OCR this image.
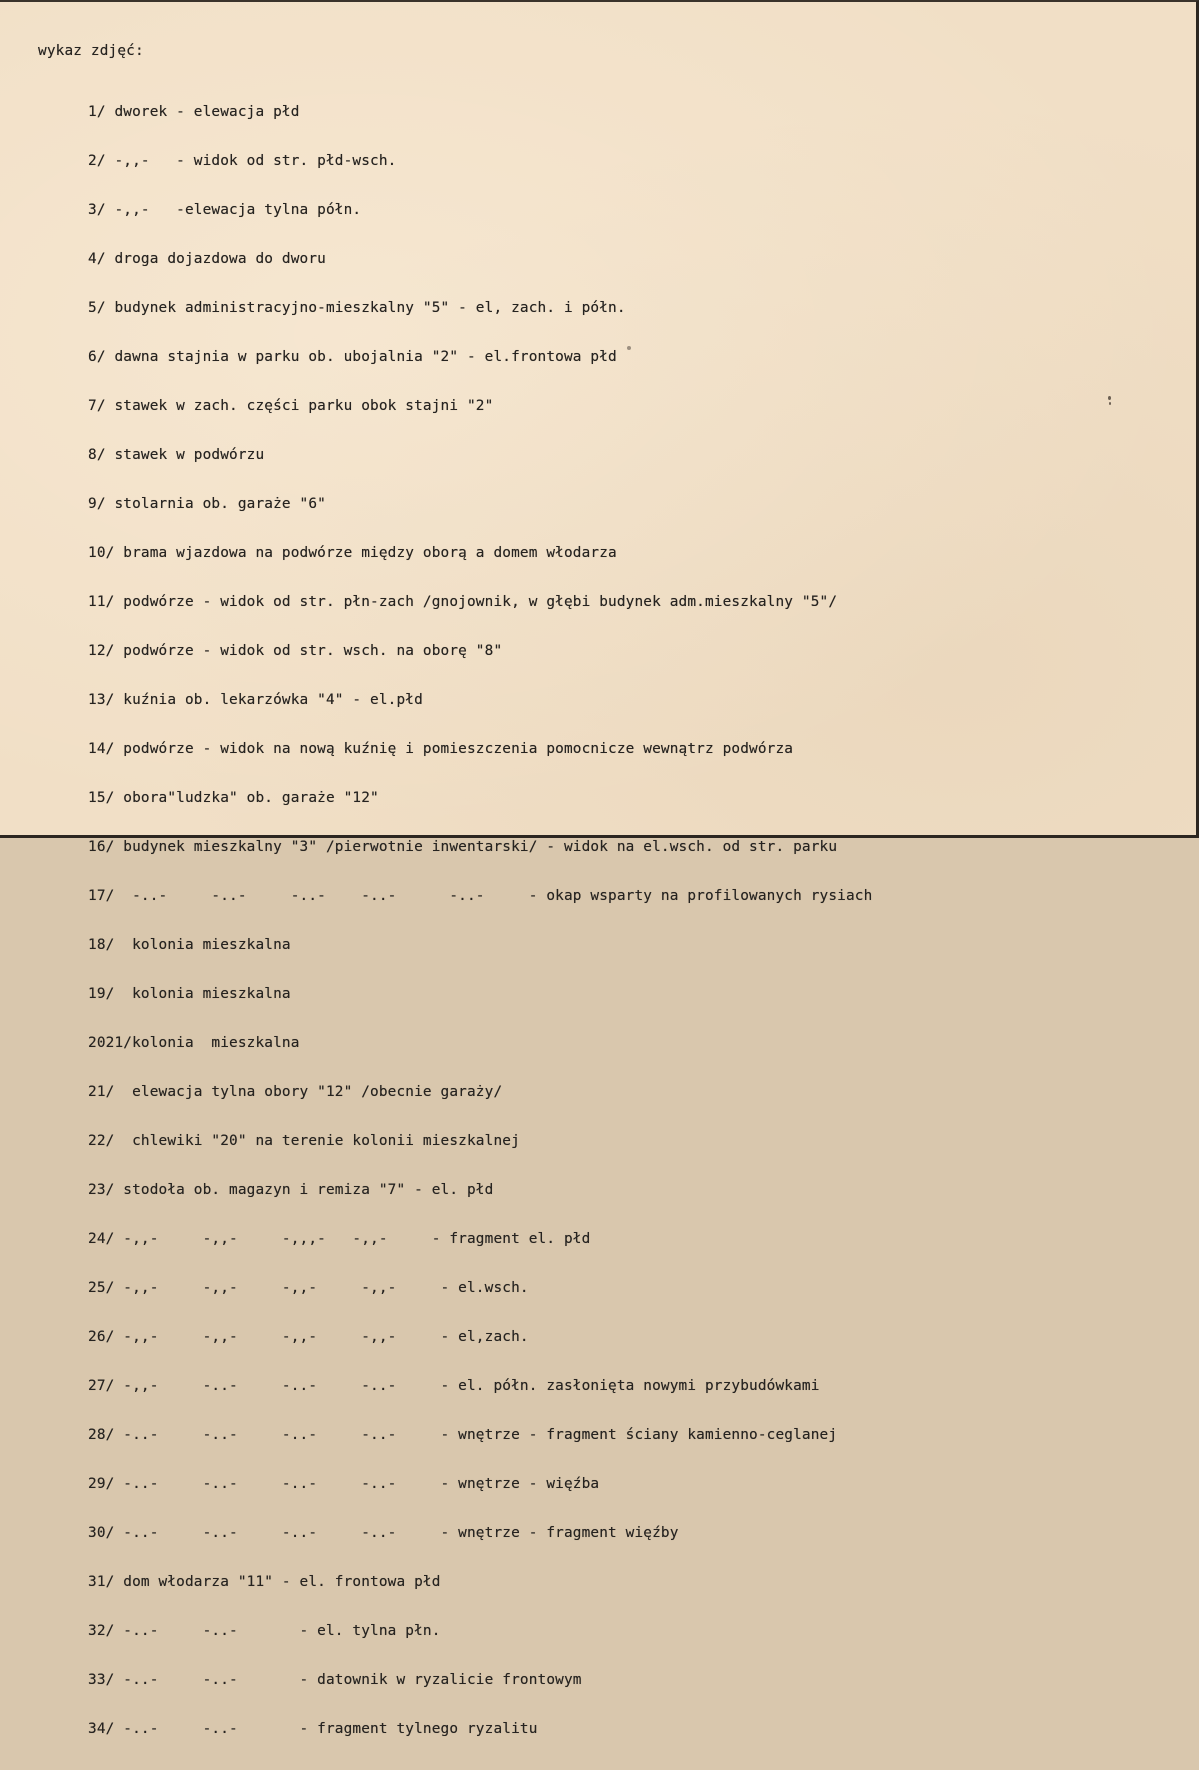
wykaz zdjęć:

1/ dworek - elewacja płd

2/ -,,-   - widok od str. płd-wsch.

3/ -,,-   -elewacja tylna półn.

4/ droga dojazdowa do dworu

5/ budynek administracyjno-mieszkalny "5" - el, zach. i półn.

6/ dawna stajnia w parku ob. ubojalnia "2" - el.frontowa płd

7/ stawek w zach. części parku obok stajni "2"

8/ stawek w podwórzu

9/ stolarnia ob. garaże "6"

10/ brama wjazdowa na podwórze między oborą a domem włodarza

11/ podwórze - widok od str. płn-zach /gnojownik, w głębi budynek adm.mieszkalny "5"/

12/ podwórze - widok od str. wsch. na oborę "8"

13/ kuźnia ob. lekarzówka "4" - el.płd

14/ podwórze - widok na nową kuźnię i pomieszczenia pomocnicze wewnątrz podwórza

15/ obora"ludzka" ob. garaże "12"

16/ budynek mieszkalny "3" /pierwotnie inwentarski/ - widok na el.wsch. od str. parku

17/  -..-     -..-     -..-    -..-      -..-     - okap wsparty na profilowanych rysiach

18/  kolonia mieszkalna

19/  kolonia mieszkalna

2021/kolonia  mieszkalna

21/  elewacja tylna obory "12" /obecnie garaży/

22/  chlewiki "20" na terenie kolonii mieszkalnej

23/ stodoła ob. magazyn i remiza "7" - el. płd

24/ -,,-     -,,-     -,,,-   -,,-     - fragment el. płd

25/ -,,-     -,,-     -,,-     -,,-     - el.wsch.

26/ -,,-     -,,-     -,,-     -,,-     - el,zach.

27/ -,,-     -..-     -..-     -..-     - el. półn. zasłonięta nowymi przybudówkami

28/ -..-     -..-     -..-     -..-     - wnętrze - fragment ściany kamienno-ceglanej

29/ -..-     -..-     -..-     -..-     - wnętrze - więźba

30/ -..-     -..-     -..-     -..-     - wnętrze - fragment więźby

31/ dom włodarza "11" - el. frontowa płd

32/ -..-     -..-       - el. tylna płn.

33/ -..-     -..-       - datownik w ryzalicie frontowym

34/ -..-     -..-       - fragment tylnego ryzalitu
